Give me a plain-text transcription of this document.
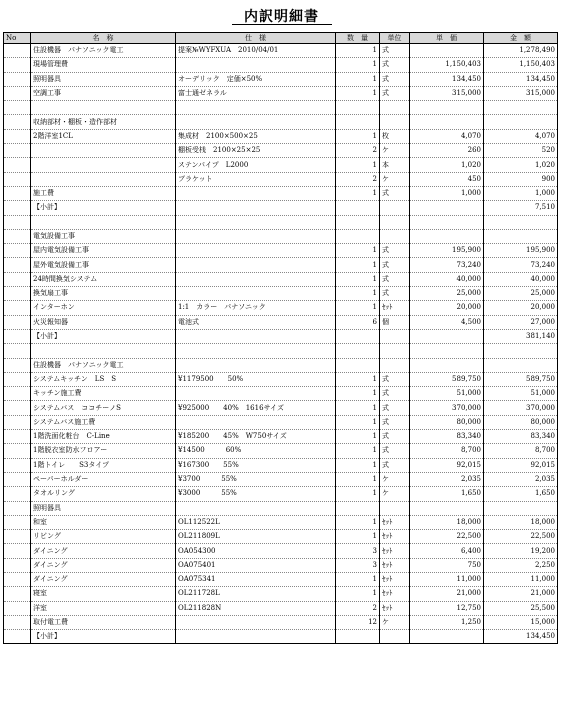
内訳明細書
No	名　称	仕　様	数　量	単位	単　価	金　額
	住設機器　パナソニック電工	提案№WYFXUA　2010/04/01	1	式		1,278,490
	現場管理費		1	式	1,150,403	1,150,403
	照明器具	オーデリック　定価×50%	1	式	134,450	134,450
	空調工事	富士通ゼネラル	1	式	315,000	315,000

	収納部材・棚板・造作部材					
	2階洋室1CL	集成材　2100×500×25	1	枚	4,070	4,070
		棚板受桟　2100×25×25	2	ケ	260	520
		ステンパイプ　L2000	1	本	1,020	1,020
		ブラケット	2	ケ	450	900
	施工費		1	式	1,000	1,000
	【小計】					7,510

	電気設備工事					
	屋内電気設備工事		1	式	195,900	195,900
	屋外電気設備工事		1	式	73,240	73,240
	24時間換気システム		1	式	40,000	40,000
	換気扇工事		1	式	25,000	25,000
	インターホン	1:1　カラー　パナソニック	1	ｾｯﾄ	20,000	20,000
	火災報知器	電池式	6	個	4,500	27,000
	【小計】					381,140

	住設機器　パナソニック電工					
	システムキッチン　LS　S	¥1179500　　50%	1	式	589,750	589,750
	キッチン施工費		1	式	51,000	51,000
	システムバス　ココチーノS	¥925000　　40%　1616サイズ	1	式	370,000	370,000
	システムバス施工費		1	式	80,000	80,000
	1階洗面化粧台　C-Line	¥185200　　45%　W750サイズ	1	式	83,340	83,340
	1階脱衣室防水フロアー	¥14500　　　60%	1	式	8,700	8,700
	1階トイレ　　S3タイプ	¥167300　　55%	1	式	92,015	92,015
	ペーパーホルダー	¥3700　　　55%	1	ケ	2,035	2,035
	タオルリング	¥3000　　　55%	1	ケ	1,650	1,650
	照明器具					
	和室	OL112522L	1	ｾｯﾄ	18,000	18,000
	リビング	OL211809L	1	ｾｯﾄ	22,500	22,500
	ダイニング	OA054300	3	ｾｯﾄ	6,400	19,200
	ダイニング	OA075401	3	ｾｯﾄ	750	2,250
	ダイニング	OA075341	1	ｾｯﾄ	11,000	11,000
	寝室	OL211728L	1	ｾｯﾄ	21,000	21,000
	洋室	OL211828N	2	ｾｯﾄ	12,750	25,500
	取付電工費		12	ケ	1,250	15,000
	【小計】					134,450
